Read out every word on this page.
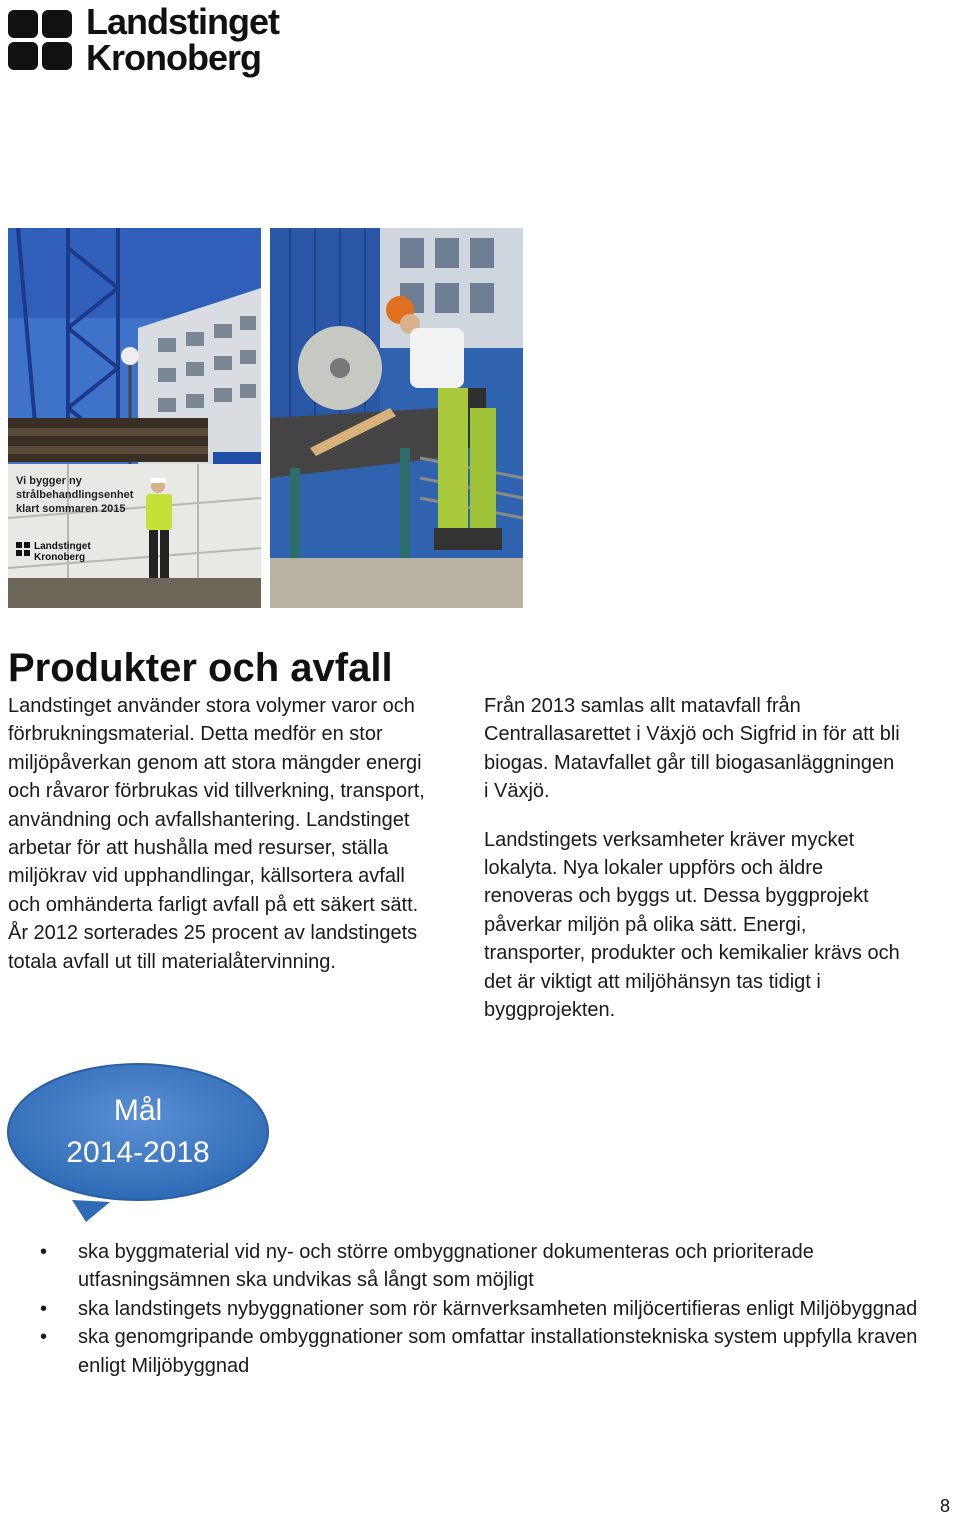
Landstinget
Kronoberg
Vi bygger ny
strålbehandlingsenhet
klart sommaren 2015
Landstinget
Kronoberg
Produkter och avfall

Landstinget använder stora volymer varor och förbrukningsmaterial. Detta medför en stor miljöpåverkan genom att stora mängder energi och råvaror förbrukas vid tillverkning, transport, användning och avfallshantering. Landstinget arbetar för att hushålla med resurser, ställa miljökrav vid upphandlingar, källsortera avfall och omhänderta farligt avfall på ett säkert sätt. År 2012 sorterades 25 procent av landstingets totala avfall ut till materialåtervinning.

Från 2013 samlas allt matavfall från Centrallasarettet i Växjö och Sigfrid in för att bli biogas. Matavfallet går till biogasanläggningen i Växjö.

Landstingets verksamheter kräver mycket lokalyta. Nya lokaler uppförs och äldre renoveras och byggs ut. Dessa byggprojekt påverkar miljön på olika sätt. Energi, transporter, produkter och kemikalier krävs och det är viktigt att miljöhänsyn tas tidigt i byggprojekten.

Mål
2014-2018
• ska byggmaterial vid ny- och större ombyggnationer dokumenteras och prioriterade utfasningsämnen ska undvikas så långt som möjligt
• ska landstingets nybyggnationer som rör kärnverksamheten miljöcertifieras enligt Miljöbyggnad
• ska genomgripande ombyggnationer som omfattar installationstekniska system uppfylla kraven enligt Miljöbyggnad
8
